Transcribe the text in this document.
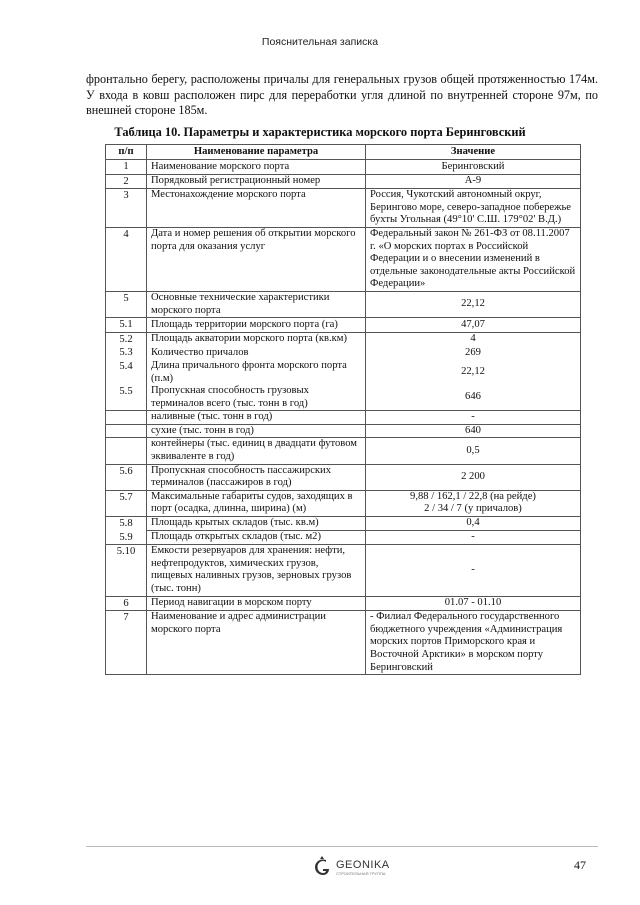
Пояснительная записка

фронтально берегу, расположены причалы для генеральных грузов общей протяженностью 174м. У входа в ковш расположен пирс для переработки угля длиной по внутренней стороне 97м, по внешней стороне 185м.

Таблица 10. Параметры и характеристика морского порта Беринговский
п/п	Наименование параметра	Значение
1	Наименование морского порта	Беринговский
2	Порядковый регистрационный номер	А-9
3	Местонахождение морского порта	Россия, Чукотский автономный округ, Берингово море, северо-западное побережье бухты Угольная (49°10' С.Ш. 179°02' В.Д.)
4	Дата и номер решения об открытии морского порта для оказания услуг	Федеральный закон № 261-ФЗ от 08.11.2007 г. «О морских портах в Российской Федерации и о внесении изменений в отдельные законодательные акты Российской Федерации»
5	Основные технические характеристики морского порта	22,12
5.1	Площадь территории морского порта (га)	47,07
5.2	Площадь акватории морского порта (кв.км)	4
5.3	Количество причалов	269
5.4	Длина причального фронта морского порта (п.м)	22,12
5.5	Пропускная способность грузовых терминалов всего (тыс. тонн в год)	646
	наливные (тыс. тонн в год)	-
	сухие (тыс. тонн в год)	640
	контейнеры (тыс. единиц в двадцати футовом эквиваленте в год)	0,5
5.6	Пропускная способность пассажирских терминалов (пассажиров в год)	2 200
5.7	Максимальные габариты судов, заходящих в порт (осадка, длинна, ширина) (м)	9,88 / 162,1 / 22,8 (на рейде)
2 / 34 / 7 (у причалов)

5.8	Площадь крытых складов (тыс. кв.м)	0,4
5.9	Площадь открытых складов (тыс. м2)	-
5.10	Емкости резервуаров для хранения: нефти, нефтепродуктов, химических грузов, пищевых наливных грузов, зерновых грузов (тыс. тонн)	-
6	Период навигации в морском порту	01.07 - 01.10
7	Наименование и адрес администрации морского порта	- Филиал Федерального государственного бюджетного учреждения «Администрация морских портов Приморского края и Восточной Арктики» в морском порту Беринговский
GEONIKA
СТРОИТЕЛЬНАЯ ГРУППА
47
